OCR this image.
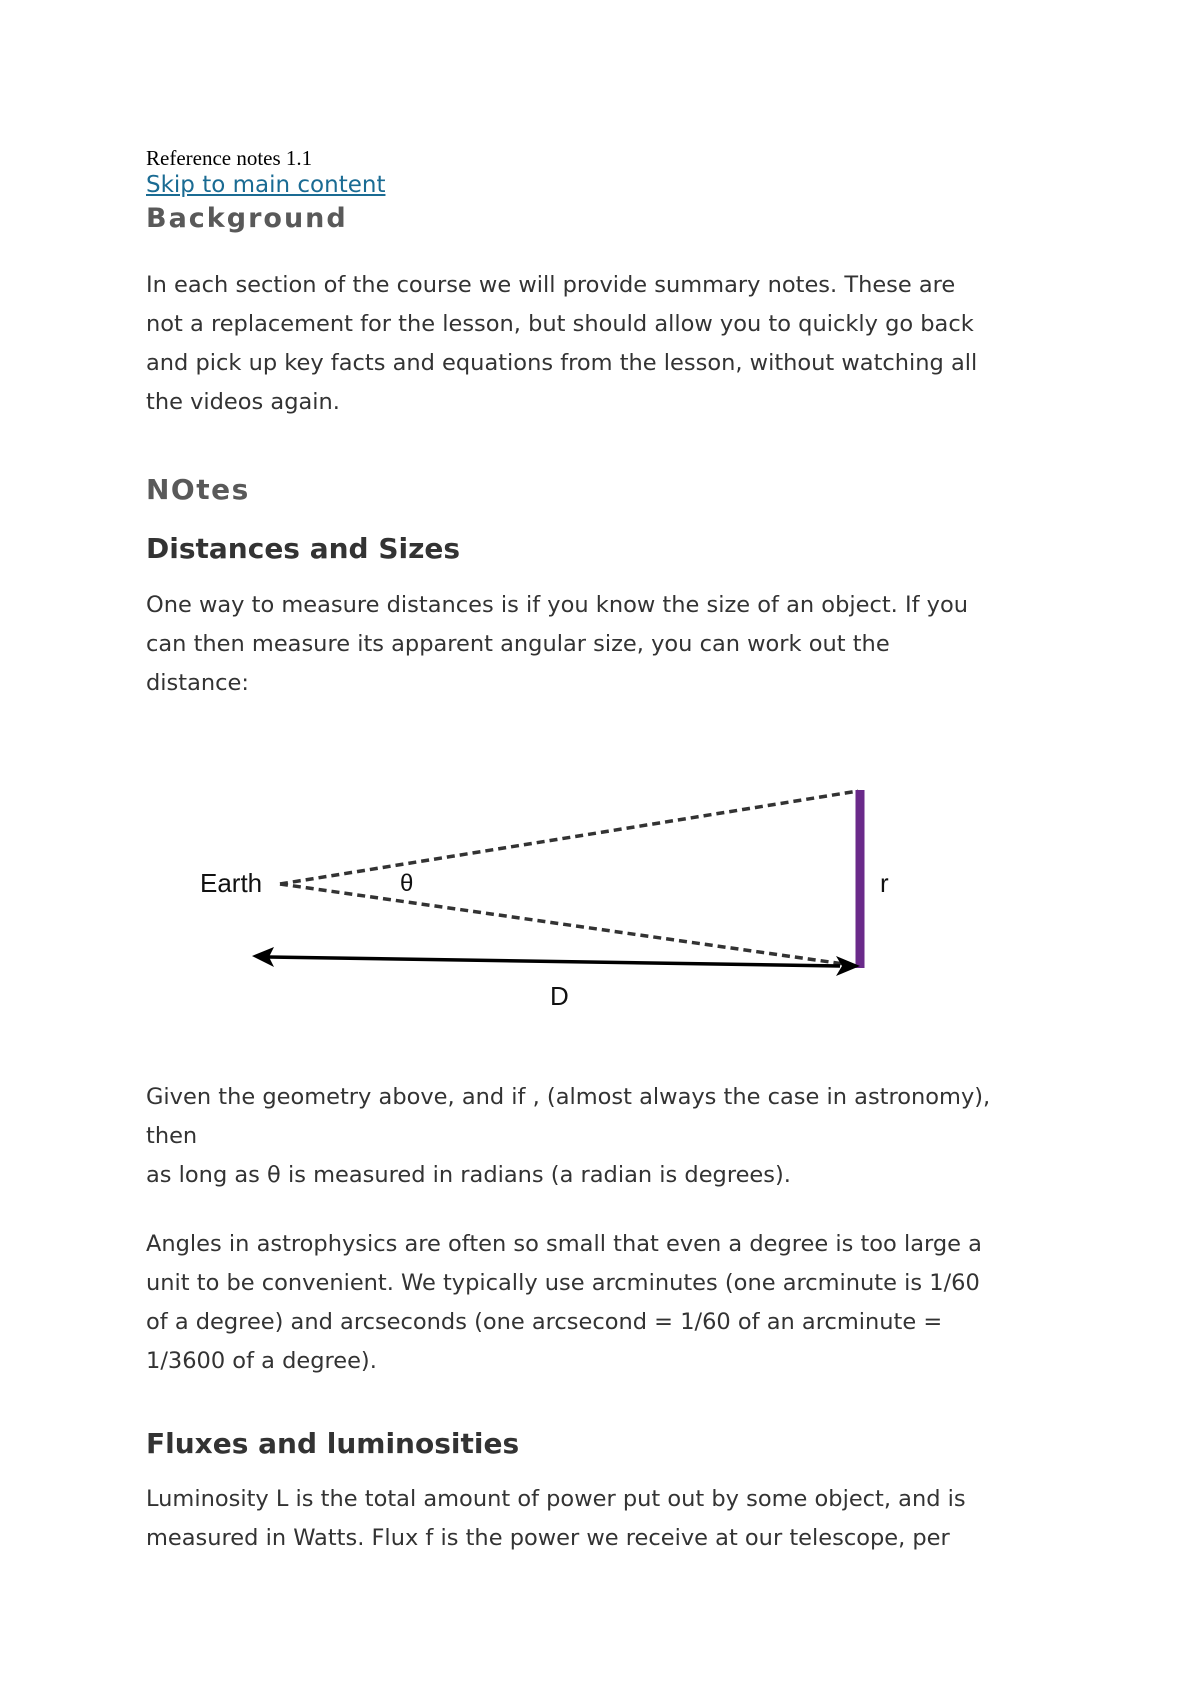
Reference notes 1.1
Skip to main content
Background

In each section of the course we will provide summary notes. These are
not a replacement for the lesson, but should allow you to quickly go back
and pick up key facts and equations from the lesson, without watching all
the videos again.

NOtes
Distances and Sizes

One way to measure distances is if you know the size of an object. If you
can then measure its apparent angular size, you can work out the
distance:

Earth	θ	r
D

Given the geometry above, and if , (almost always the case in astronomy),
then
as long as θ is measured in radians (a radian is degrees).

Angles in astrophysics are often so small that even a degree is too large a
unit to be convenient. We typically use arcminutes (one arcminute is 1/60
of a degree) and arcseconds (one arcsecond = 1/60 of an arcminute =
1/3600 of a degree).

Fluxes and luminosities

Luminosity L is the total amount of power put out by some object, and is
measured in Watts. Flux f is the power we receive at our telescope, per
